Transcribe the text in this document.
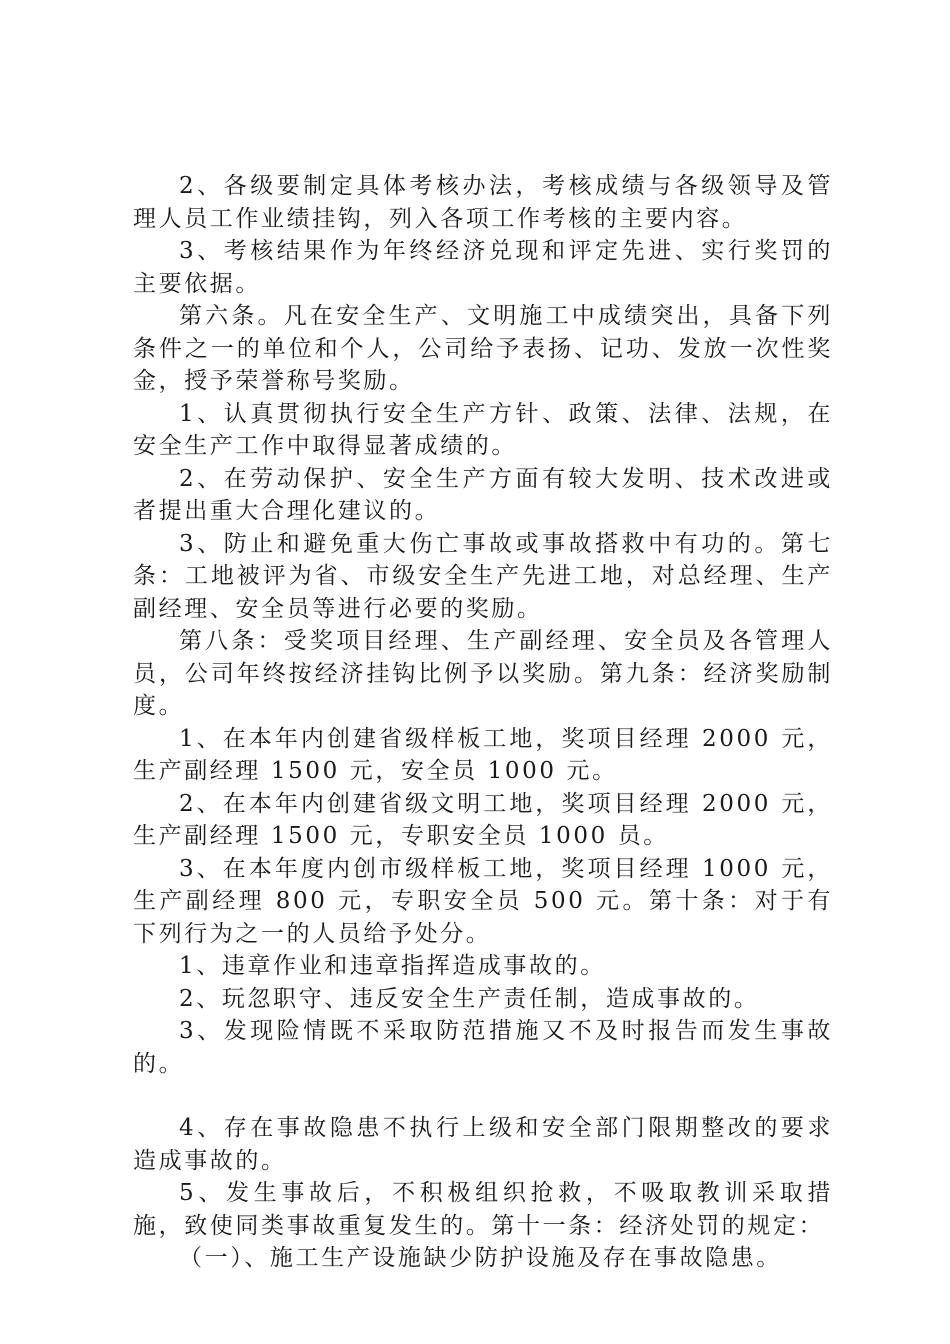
2、各级要制定具体考核办法，考核成绩与各级领导及管理人员工作业绩挂钩，列入各项工作考核的主要内容。

3、考核结果作为年终经济兑现和评定先进、实行奖罚的主要依据。

第六条。凡在安全生产、文明施工中成绩突出，具备下列条件之一的单位和个人，公司给予表扬、记功、发放一次性奖金，授予荣誉称号奖励。

1、认真贯彻执行安全生产方针、政策、法律、法规，在安全生产工作中取得显著成绩的。

2、在劳动保护、安全生产方面有较大发明、技术改进或者提出重大合理化建议的。

3、防止和避免重大伤亡事故或事故搭救中有功的。第七条：工地被评为省、市级安全生产先进工地，对总经理、生产副经理、安全员等进行必要的奖励。

第八条：受奖项目经理、生产副经理、安全员及各管理人员，公司年终按经济挂钩比例予以奖励。第九条：经济奖励制度。

1、在本年内创建省级样板工地，奖项目经理 2000 元，生产副经理 1500 元，安全员 1000 元。

2、在本年内创建省级文明工地，奖项目经理 2000 元，生产副经理 1500 元，专职安全员 1000 员。

3、在本年度内创市级样板工地，奖项目经理 1000 元，生产副经理 800 元，专职安全员 500 元。第十条：对于有下列行为之一的人员给予处分。

1、违章作业和违章指挥造成事故的。

2、玩忽职守、违反安全生产责任制，造成事故的。

3、发现险情既不采取防范措施又不及时报告而发生事故的。

4、存在事故隐患不执行上级和安全部门限期整改的要求造成事故的。

5、发生事故后，不积极组织抢救，不吸取教训采取措施，致使同类事故重复发生的。第十一条：经济处罚的规定：

（一）、施工生产设施缺少防护设施及存在事故隐患。
